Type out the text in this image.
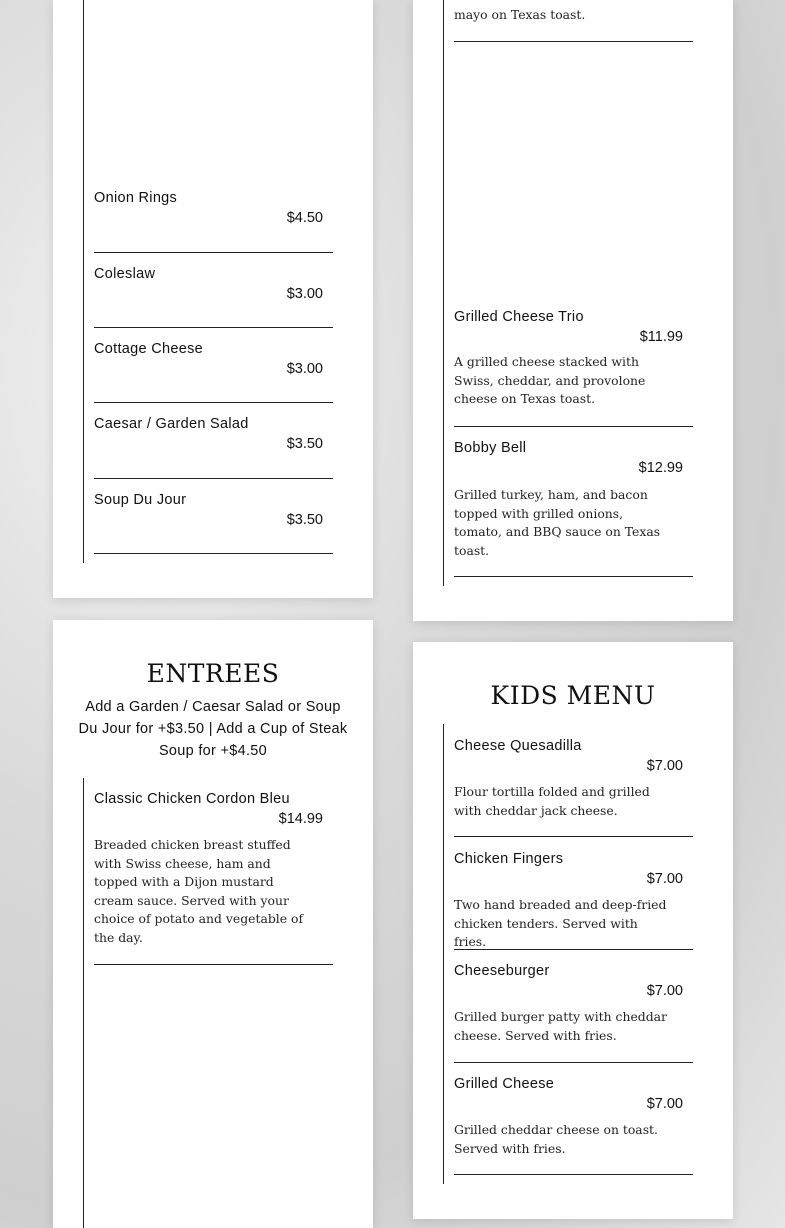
Onion Rings
$4.50
Coleslaw
$3.00
Cottage Cheese
$3.00
Caesar / Garden Salad
$3.50
Soup Du Jour
$3.50
mayo on Texas toast.
Grilled Cheese Trio
$11.99
A grilled cheese stacked with Swiss, cheddar, and provolone cheese on Texas toast.
Bobby Bell
$12.99
Grilled turkey, ham, and bacon topped with grilled onions, tomato, and BBQ sauce on Texas toast.
ENTREES
Add a Garden / Caesar Salad or Soup Du Jour for +$3.50 | Add a Cup of Steak Soup for +$4.50
Classic Chicken Cordon Bleu
$14.99
Breaded chicken breast stuffed with Swiss cheese, ham and topped with a Dijon mustard cream sauce. Served with your choice of potato and vegetable of the day.
KIDS MENU
Cheese Quesadilla
$7.00
Flour tortilla folded and grilled with cheddar jack cheese.
Chicken Fingers
$7.00
Two hand breaded and deep-fried chicken tenders. Served with fries.
Cheeseburger
$7.00
Grilled burger patty with cheddar cheese. Served with fries.
Grilled Cheese
$7.00
Grilled cheddar cheese on toast. Served with fries.
